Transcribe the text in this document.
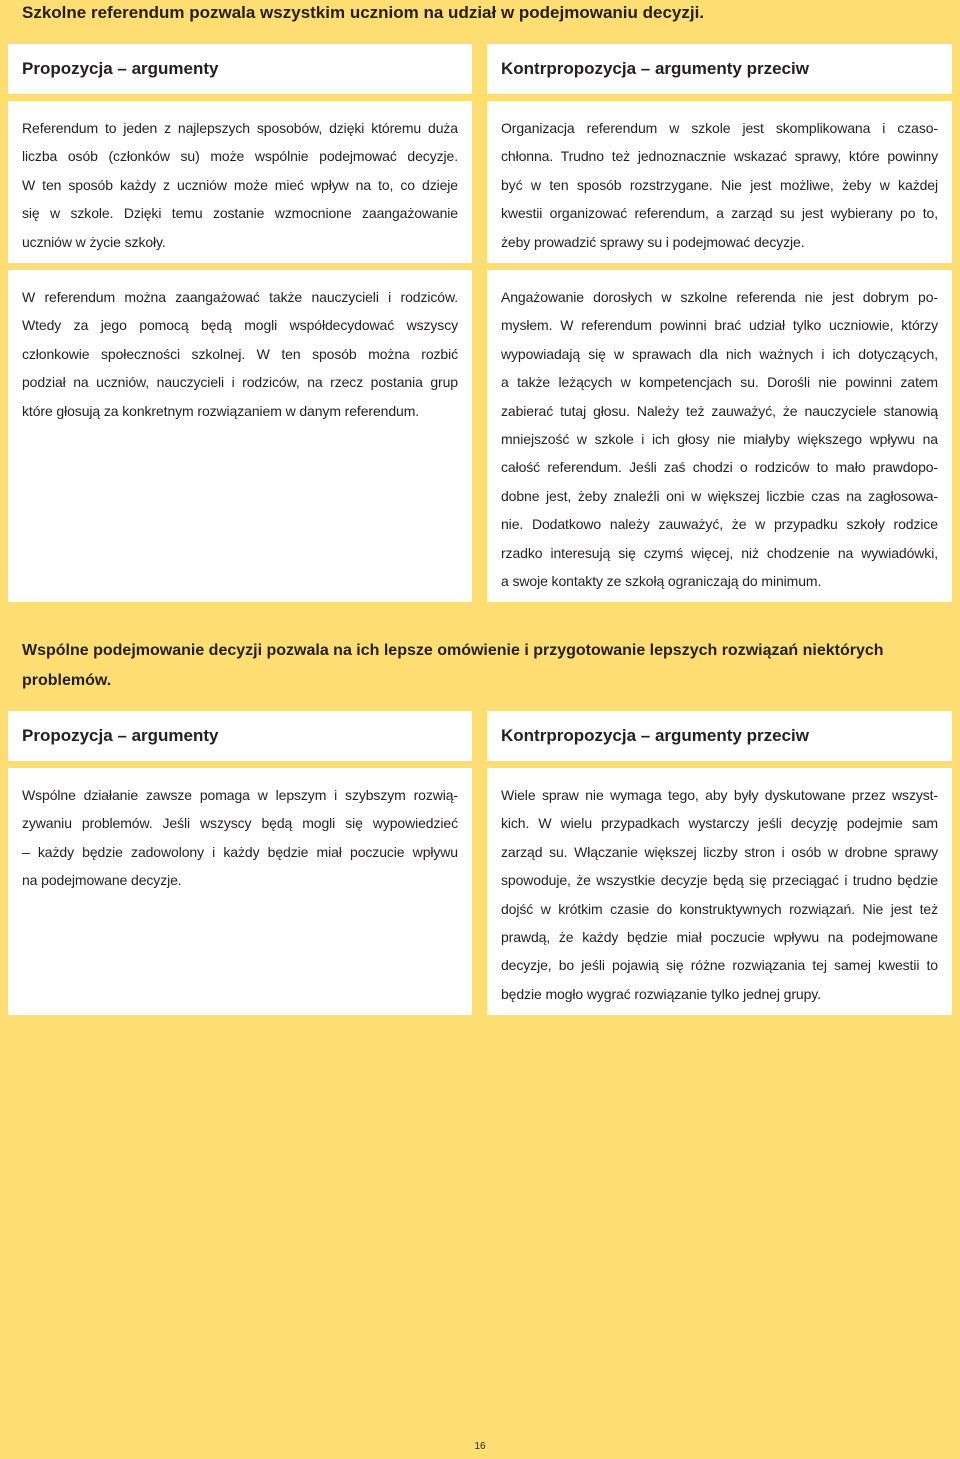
Szkolne referendum pozwala wszystkim uczniom na udział w podejmowaniu decyzji.
Propozycja – argumenty	Kontrpropozycja – argumenty przeciw
Referendum to jeden z najlepszych sposobów, dzięki któremu duża
liczba osób (członków su) może wspólnie podejmować decyzje.
W ten sposób każdy z uczniów może mieć wpływ na to, co dzieje
się w szkole. Dzięki temu zostanie wzmocnione zaangażowanie
uczniów w życie szkoły.
Organizacja referendum w szkole jest skomplikowana i czaso-
chłonna. Trudno też jednoznacznie wskazać sprawy, które powinny
być w ten sposób rozstrzygane. Nie jest możliwe, żeby w każdej
kwestii organizować referendum, a zarząd su jest wybierany po to,
żeby prowadzić sprawy su i podejmować decyzje.
W referendum można zaangażować także nauczycieli i rodziców.
Wtedy za jego pomocą będą mogli współdecydować wszyscy
członkowie społeczności szkolnej. W ten sposób można rozbić
podział na uczniów, nauczycieli i rodziców, na rzecz postania grup
które głosują za konkretnym rozwiązaniem w danym referendum.
Angażowanie dorosłych w szkolne referenda nie jest dobrym po-
mysłem. W referendum powinni brać udział tylko uczniowie, którzy
wypowiadają się w sprawach dla nich ważnych i ich dotyczących,
a także leżących w kompetencjach su. Dorośli nie powinni zatem
zabierać tutaj głosu. Należy też zauważyć, że nauczyciele stanowią
mniejszość w szkole i ich głosy nie miałyby większego wpływu na
całość referendum. Jeśli zaś chodzi o rodziców to mało prawdopo-
dobne jest, żeby znaleźli oni w większej liczbie czas na zagłosowa-
nie. Dodatkowo należy zauważyć, że w przypadku szkoły rodzice
rzadko interesują się czymś więcej, niż chodzenie na wywiadówki,
a swoje kontakty ze szkołą ograniczają do minimum.
Wspólne podejmowanie decyzji pozwala na ich lepsze omówienie i przygotowanie lepszych rozwiązań niektórych problemów.
Propozycja – argumenty	Kontrpropozycja – argumenty przeciw
Wspólne działanie zawsze pomaga w lepszym i szybszym rozwią-
zywaniu problemów. Jeśli wszyscy będą mogli się wypowiedzieć
– każdy będzie zadowolony i każdy będzie miał poczucie wpływu
na podejmowane decyzje.
Wiele spraw nie wymaga tego, aby były dyskutowane przez wszyst-
kich. W wielu przypadkach wystarczy jeśli decyzję podejmie sam
zarząd su. Włączanie większej liczby stron i osób w drobne sprawy
spowoduje, że wszystkie decyzje będą się przeciągać i trudno będzie
dojść w krótkim czasie do konstruktywnych rozwiązań. Nie jest też
prawdą, że każdy będzie miał poczucie wpływu na podejmowane
decyzje, bo jeśli pojawią się różne rozwiązania tej samej kwestii to
będzie mogło wygrać rozwiązanie tylko jednej grupy.
16
